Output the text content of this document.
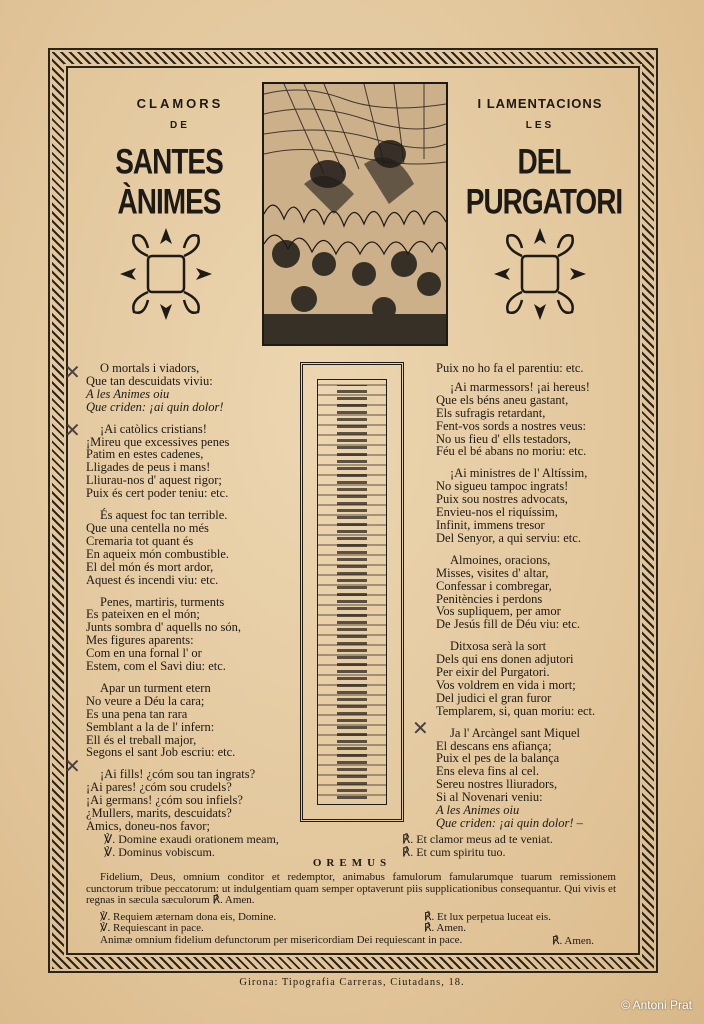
CLAMORS
DE
SANTES ÀNIMES
I LAMENTACIONS
LES
DEL PURGATORI
O mortals i viadors,
Que tan descuidats viviu:
A les Animes oiu
Que criden: ¡ai quin dolor!
¡Ai catòlics cristians!
¡Mireu que excessives penes
Patim en estes cadenes,
Lligades de peus i mans!
Lliurau-nos d' aquest rigor;
Puix és cert poder teniu: etc.
És aquest foc tan terrible.
Que una centella no més
Cremaria tot quant és
En aqueix món combustible.
El del món és mort ardor,
Aquest és incendi viu: etc.
Penes, martiris, turments
Es pateixen en el món;
Junts sombra d' aquells no són,
Mes figures aparents:
Com en una fornal l' or
Estem, com el Savi diu: etc.
Apar un turment etern
No veure a Déu la cara;
Es una pena tan rara
Semblant a la de l' infern:
Ell és el treball major,
Segons el sant Job escriu: etc.
¡Ai fills! ¿cóm sou tan ingrats?
¡Ai pares! ¿cóm sou crudels?
¡Ai germans! ¿cóm sou infiels?
¿Mullers, marits, descuidats?
Amics, doneu-nos favor;
Puix no ho fa el parentiu: etc.
¡Ai marmessors! ¡ai hereus!
Que els béns aneu gastant,
Els sufragis retardant,
Fent-vos sords a nostres veus:
No us fieu d' ells testadors,
Féu el bé abans no moriu: etc.
¡Ai ministres de l' Altíssim,
No sigueu tampoc ingrats!
Puix sou nostres advocats,
Envieu-nos el riquíssim,
Infinit, immens tresor
Del Senyor, a qui serviu: etc.
Almoines, oracions,
Misses, visites d' altar,
Confessar i combregar,
Penitències i perdons
Vos supliquem, per amor
De Jesús fill de Déu viu: etc.
Ditxosa serà la sort
Dels qui ens donen adjutori
Per eixir del Purgatori.
Vos voldrem en vida i mort;
Del judici el gran furor
Templarem, si, quan moriu: ect.
Ja l' Arcàngel sant Miquel
El descans ens afiança;
Puix el pes de la balança
Ens eleva fins al cel.
Sereu nostres lliuradors,
Si al Novenari veniu:
A les Animes oiu
Que criden: ¡ai quin dolor! –
✕
✕
✕
✕
℣. Domine exaudi orationem meam,	℟. Et clamor meus ad te veniat.
℣. Dominus vobiscum.	℟. Et cum spiritu tuo.
OREMUS
Fidelium, Deus, omnium conditor et redemptor, animabus famulorum famularumque tuarum remissionem cunctorum tribue peccatorum: ut indulgentiam quam semper optaverunt piis supplicationibus consequantur. Qui vivis et regnas in sæcula sæculorum ℟. Amen.
℣. Requiem æternam dona eis, Domine.	℟. Et lux perpetua luceat eis.
℣. Requiescant in pace.	℟. Amen.
Animæ omnium fidelium defunctorum per misericordiam Dei requiescant in pace.	℟. Amen.
Girona: Tipografia Carreras, Ciutadans, 18.
© Antoni Prat
